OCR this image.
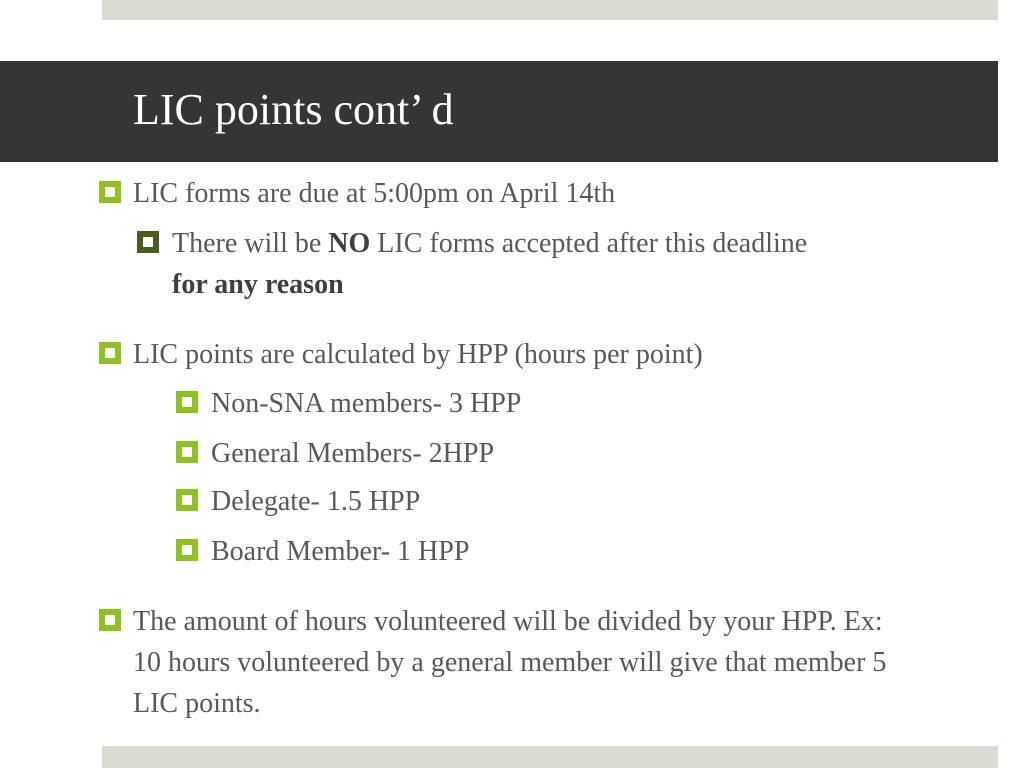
LIC points cont’ d
LIC forms are due at 5:00pm on April 14th
There will be NO LIC forms accepted after this deadline for any reason
LIC points are calculated by HPP (hours per point)
Non-SNA members- 3 HPP
General Members- 2HPP
Delegate- 1.5 HPP
Board Member- 1 HPP
The amount of hours volunteered will be divided by your HPP. Ex: 10 hours volunteered by a general member will give that member 5 LIC points.
